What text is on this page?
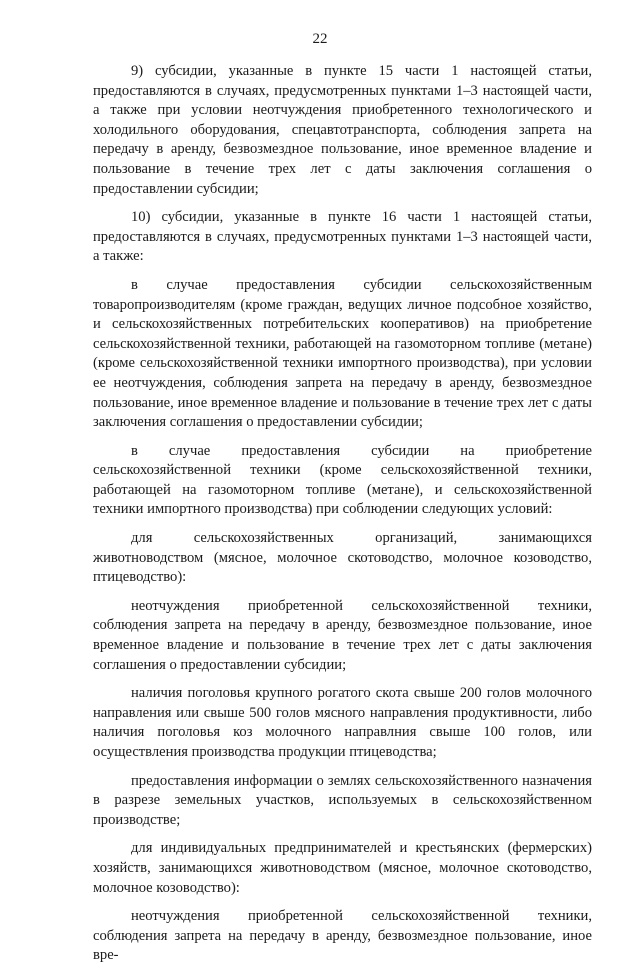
22

9) субсидии, указанные в пункте 15 части 1 настоящей статьи, предоставляются в случаях, предусмотренных пунктами 1–3 настоящей части, а также при условии неотчуждения приобретенного технологического и холодильного оборудования, спецавтотранспорта, соблюдения запрета на передачу в аренду, безвозмездное пользование, иное временное владение и пользование в течение трех лет с даты заключения соглашения о предоставлении субсидии;

10) субсидии, указанные в пункте 16 части 1 настоящей статьи, предоставляются в случаях, предусмотренных пунктами 1–3 настоящей части, а также:

в случае предоставления субсидии сельскохозяйственным товаропроизводителям (кроме граждан, ведущих личное подсобное хозяйство, и сельскохозяйственных потребительских кооперативов) на приобретение сельскохозяйственной техники, работающей на газомоторном топливе (метане) (кроме сельскохозяйственной техники импортного производства), при условии ее неотчуждения, соблюдения запрета на передачу в аренду, безвозмездное пользование, иное временное владение и пользование в течение трех лет с даты заключения соглашения о предоставлении субсидии;

в случае предоставления субсидии на приобретение сельскохозяйственной техники (кроме сельскохозяйственной техники, работающей на газомоторном топливе (метане), и сельскохозяйственной техники импортного производства) при соблюдении следующих условий:

для сельскохозяйственных организаций, занимающихся животноводством (мясное, молочное скотоводство, молочное козоводство, птицеводство):

неотчуждения приобретенной сельскохозяйственной техники, соблюдения запрета на передачу в аренду, безвозмездное пользование, иное временное владение и пользование в течение трех лет с даты заключения соглашения о предоставлении субсидии;

наличия поголовья крупного рогатого скота свыше 200 голов молочного направления или свыше 500 голов мясного направления продуктивности, либо наличия поголовья коз молочного направлния свыше 100 голов, или осуществления производства продукции птицеводства;

предоставления информации о землях сельскохозяйственного назначения в разрезе земельных участков, используемых в сельскохозяйственном производстве;

для индивидуальных предпринимателей и крестьянских (фермерских) хозяйств, занимающихся животноводством (мясное, молочное скотоводство, молочное козоводство):

неотчуждения приобретенной сельскохозяйственной техники, соблюдения запрета на передачу в аренду, безвозмездное пользование, иное вре-
